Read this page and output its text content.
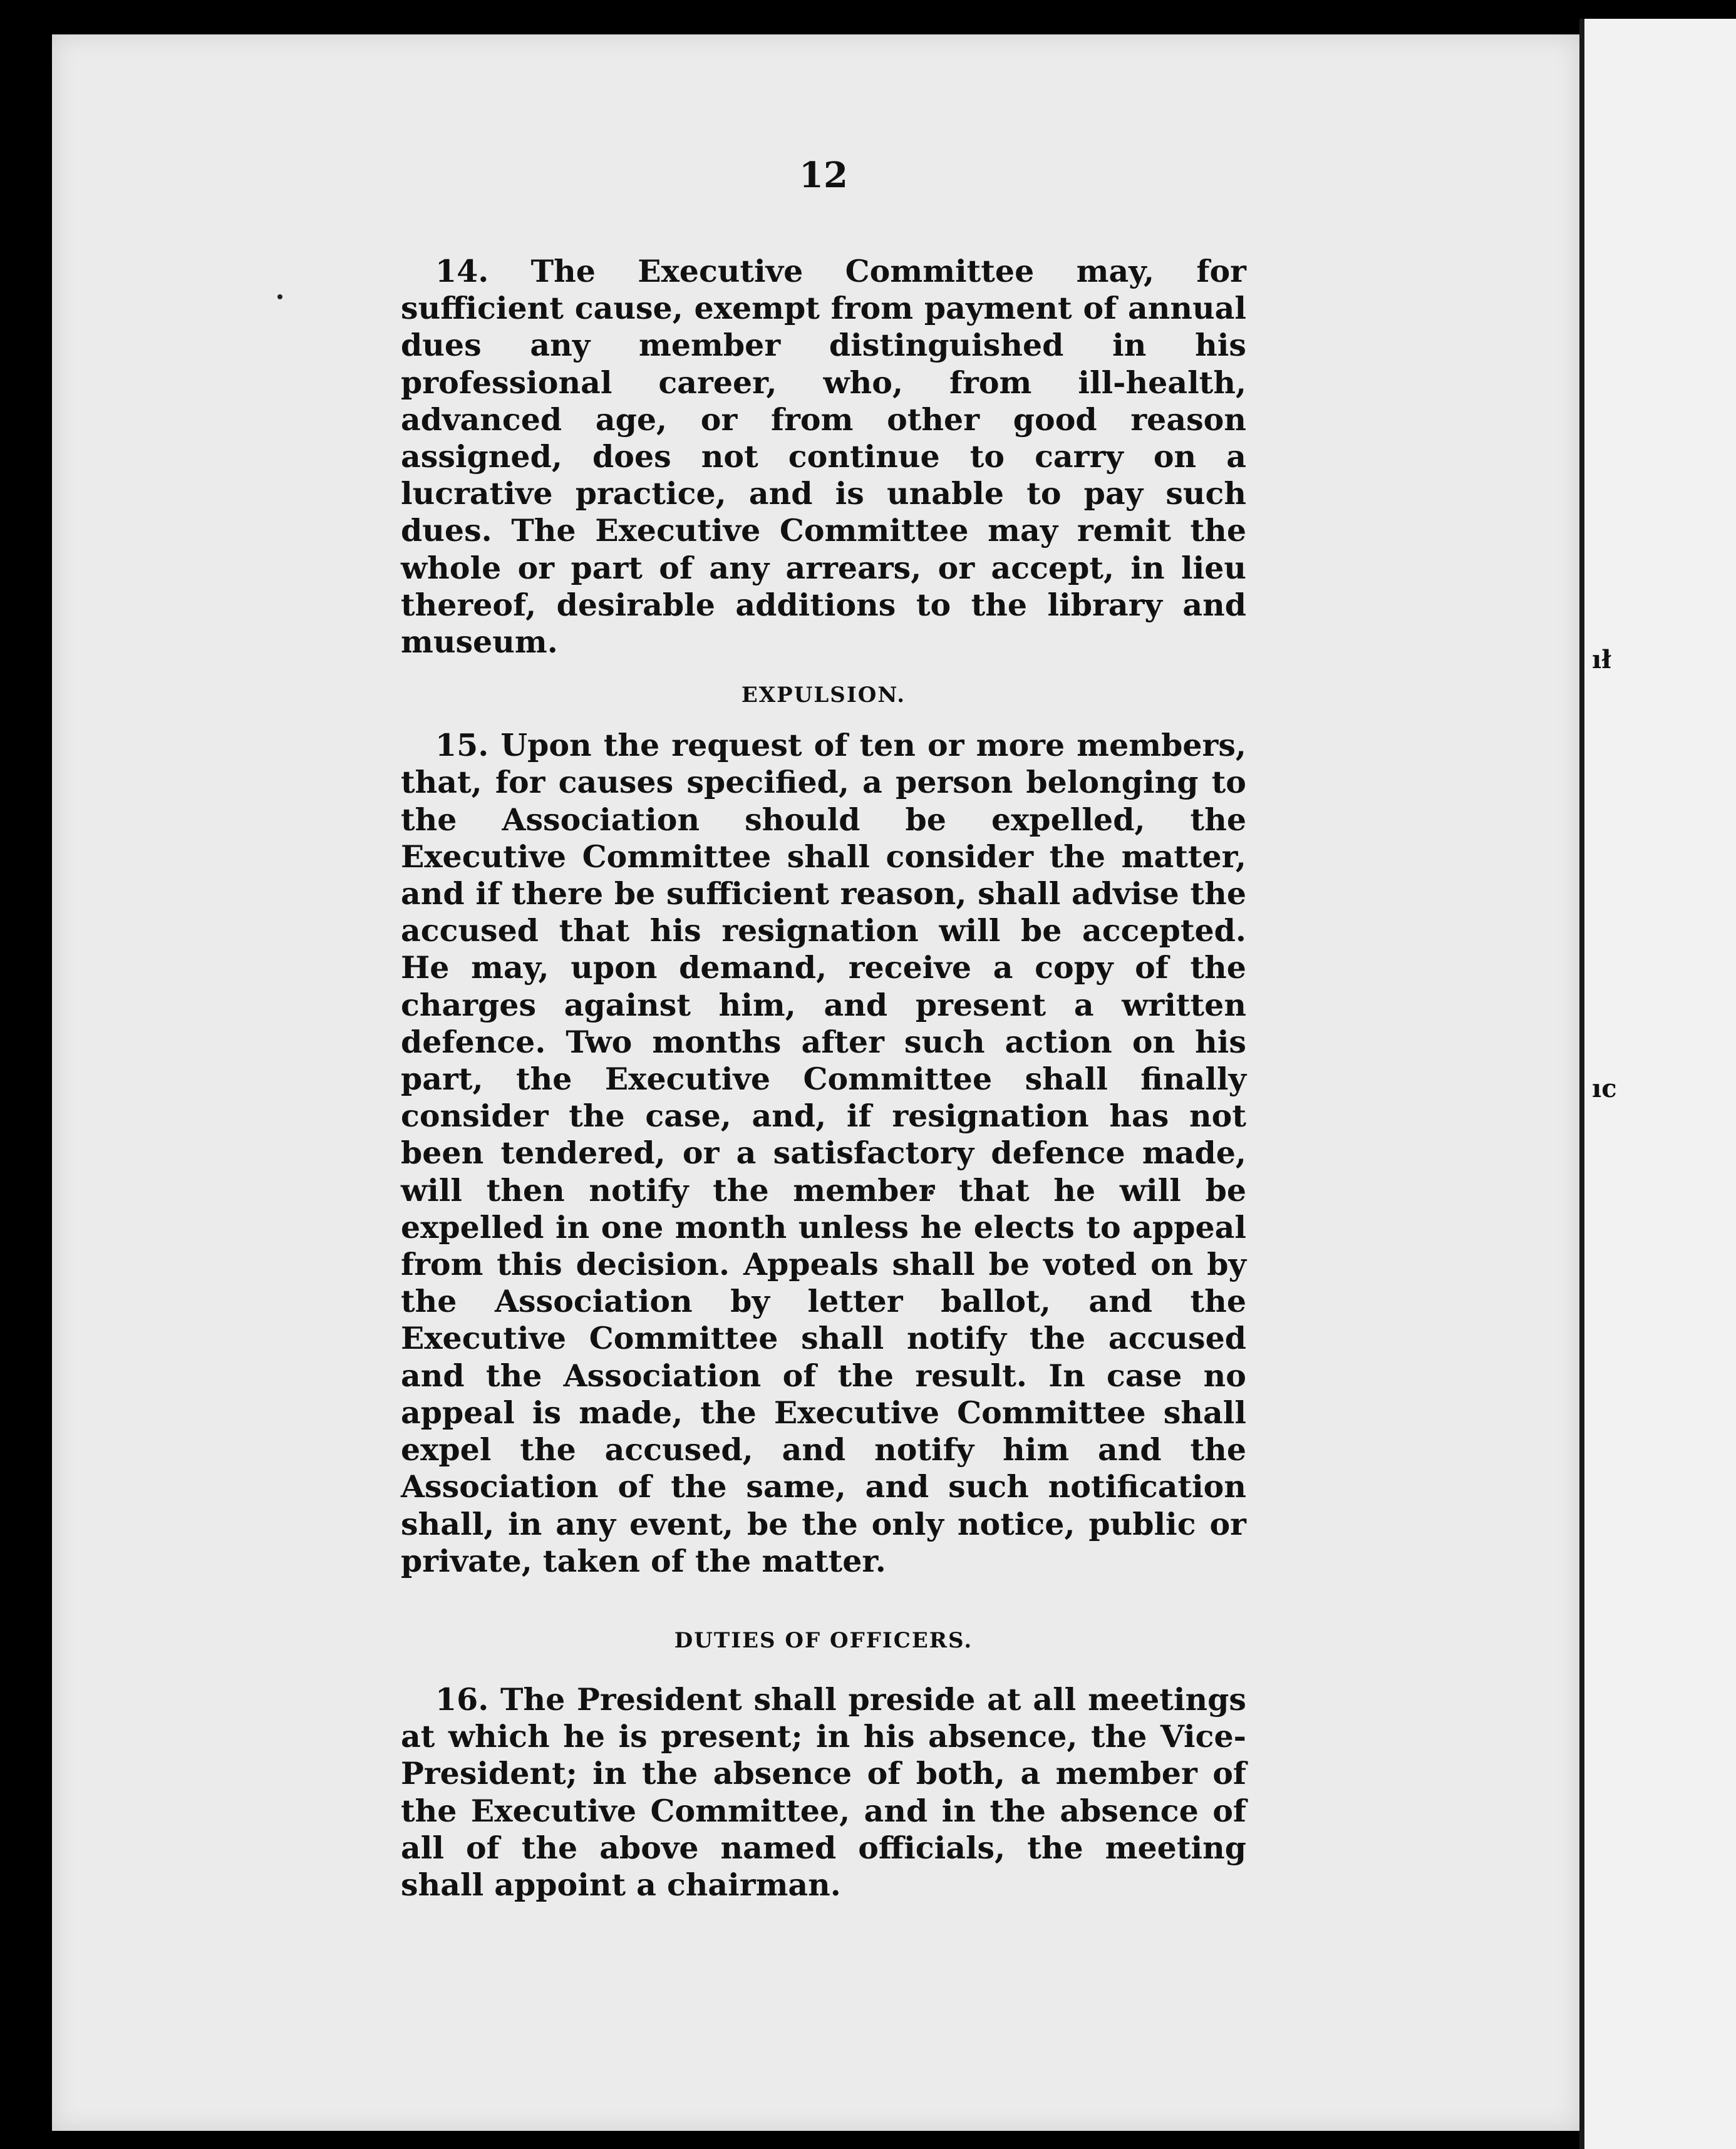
ıł
ıc
12

14. The Executive Committee may, for sufficient cause, exempt from payment of annual dues any member distinguished in his professional career, who, from ill-health, advanced age, or from other good reason assigned, does not continue to carry on a lucrative practice, and is unable to pay such dues. The Executive Committee may remit the whole or part of any arrears, or accept, in lieu thereof, desirable additions to the library and museum.

EXPULSION.

15. Upon the request of ten or more members, that, for causes specified, a person belonging to the Association should be expelled, the Executive Committee shall consider the matter, and if there be sufficient reason, shall advise the accused that his resignation will be accepted. He may, upon demand, receive a copy of the charges against him, and present a written defence. Two months after such action on his part, the Executive Committee shall finally consider the case, and, if resignation has not been tendered, or a satisfactory defence made, will then notify the member that he will be expelled in one month unless he elects to appeal from this decision. Appeals shall be voted on by the Association by letter ballot, and the Executive Committee shall notify the accused and the Association of the result. In case no appeal is made, the Executive Committee shall expel the accused, and notify him and the Association of the same, and such notification shall, in any event, be the only notice, public or private, taken of the matter.

DUTIES OF OFFICERS.

16. The President shall preside at all meetings at which he is present; in his absence, the Vice-President; in the absence of both, a member of the Executive Committee, and in the absence of all of the above named officials, the meeting shall appoint a chairman.
